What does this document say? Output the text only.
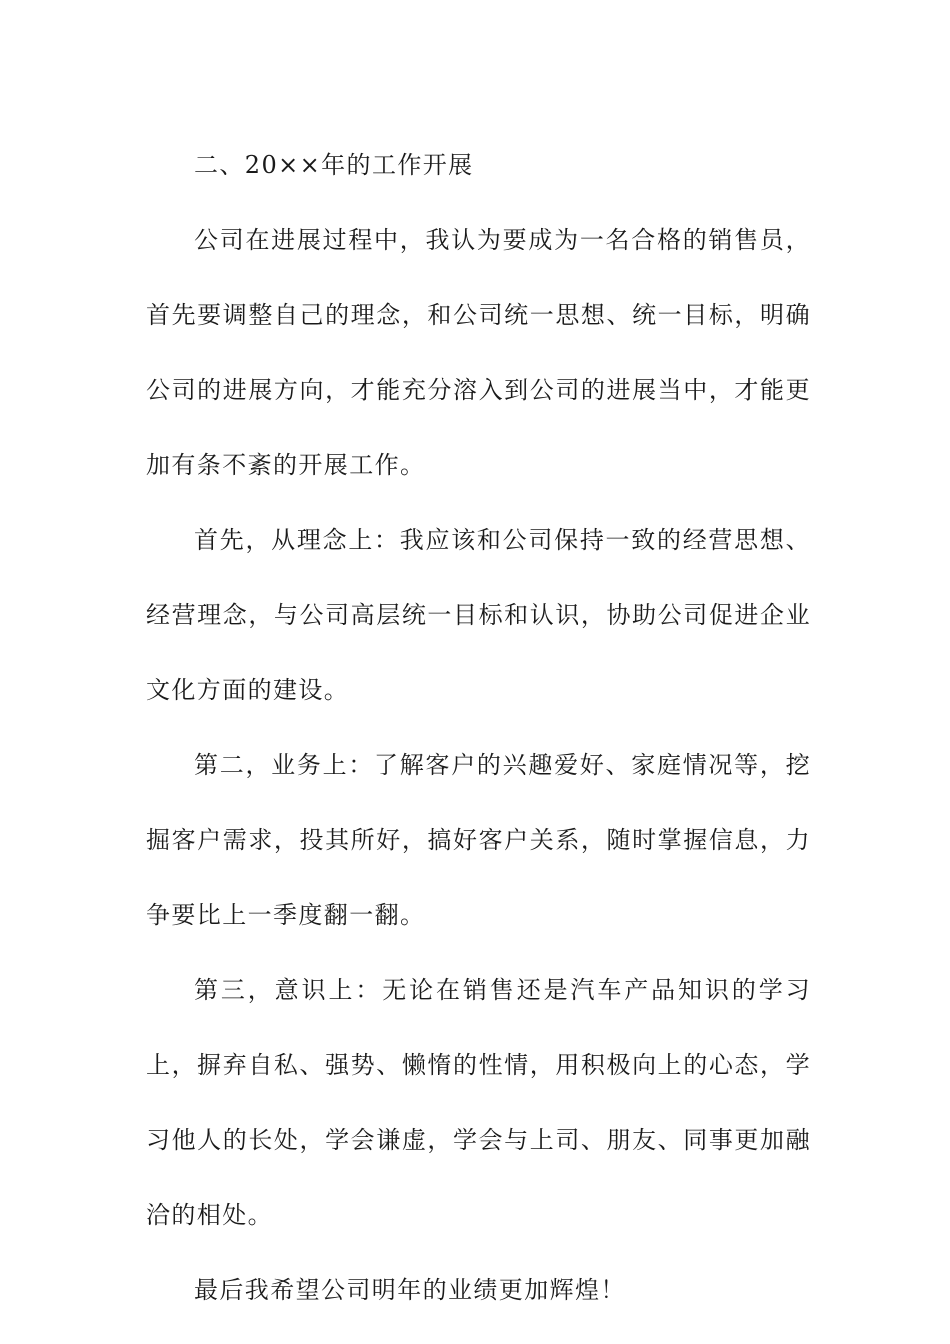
二、20××年的工作开展

公司在进展过程中，我认为要成为一名合格的销售员，首先要调整自己的理念，和公司统一思想、统一目标，明确公司的进展方向，才能充分溶入到公司的进展当中，才能更加有条不紊的开展工作。

首先，从理念上：我应该和公司保持一致的经营思想、经营理念，与公司高层统一目标和认识，协助公司促进企业文化方面的建设。

第二，业务上：了解客户的兴趣爱好、家庭情况等，挖掘客户需求，投其所好，搞好客户关系，随时掌握信息，力争要比上一季度翻一翻。

第三，意识上：无论在销售还是汽车产品知识的学习上，摒弃自私、强势、懒惰的性情，用积极向上的心态，学习他人的长处，学会谦虚，学会与上司、朋友、同事更加融洽的相处。

最后我希望公司明年的业绩更加辉煌！
